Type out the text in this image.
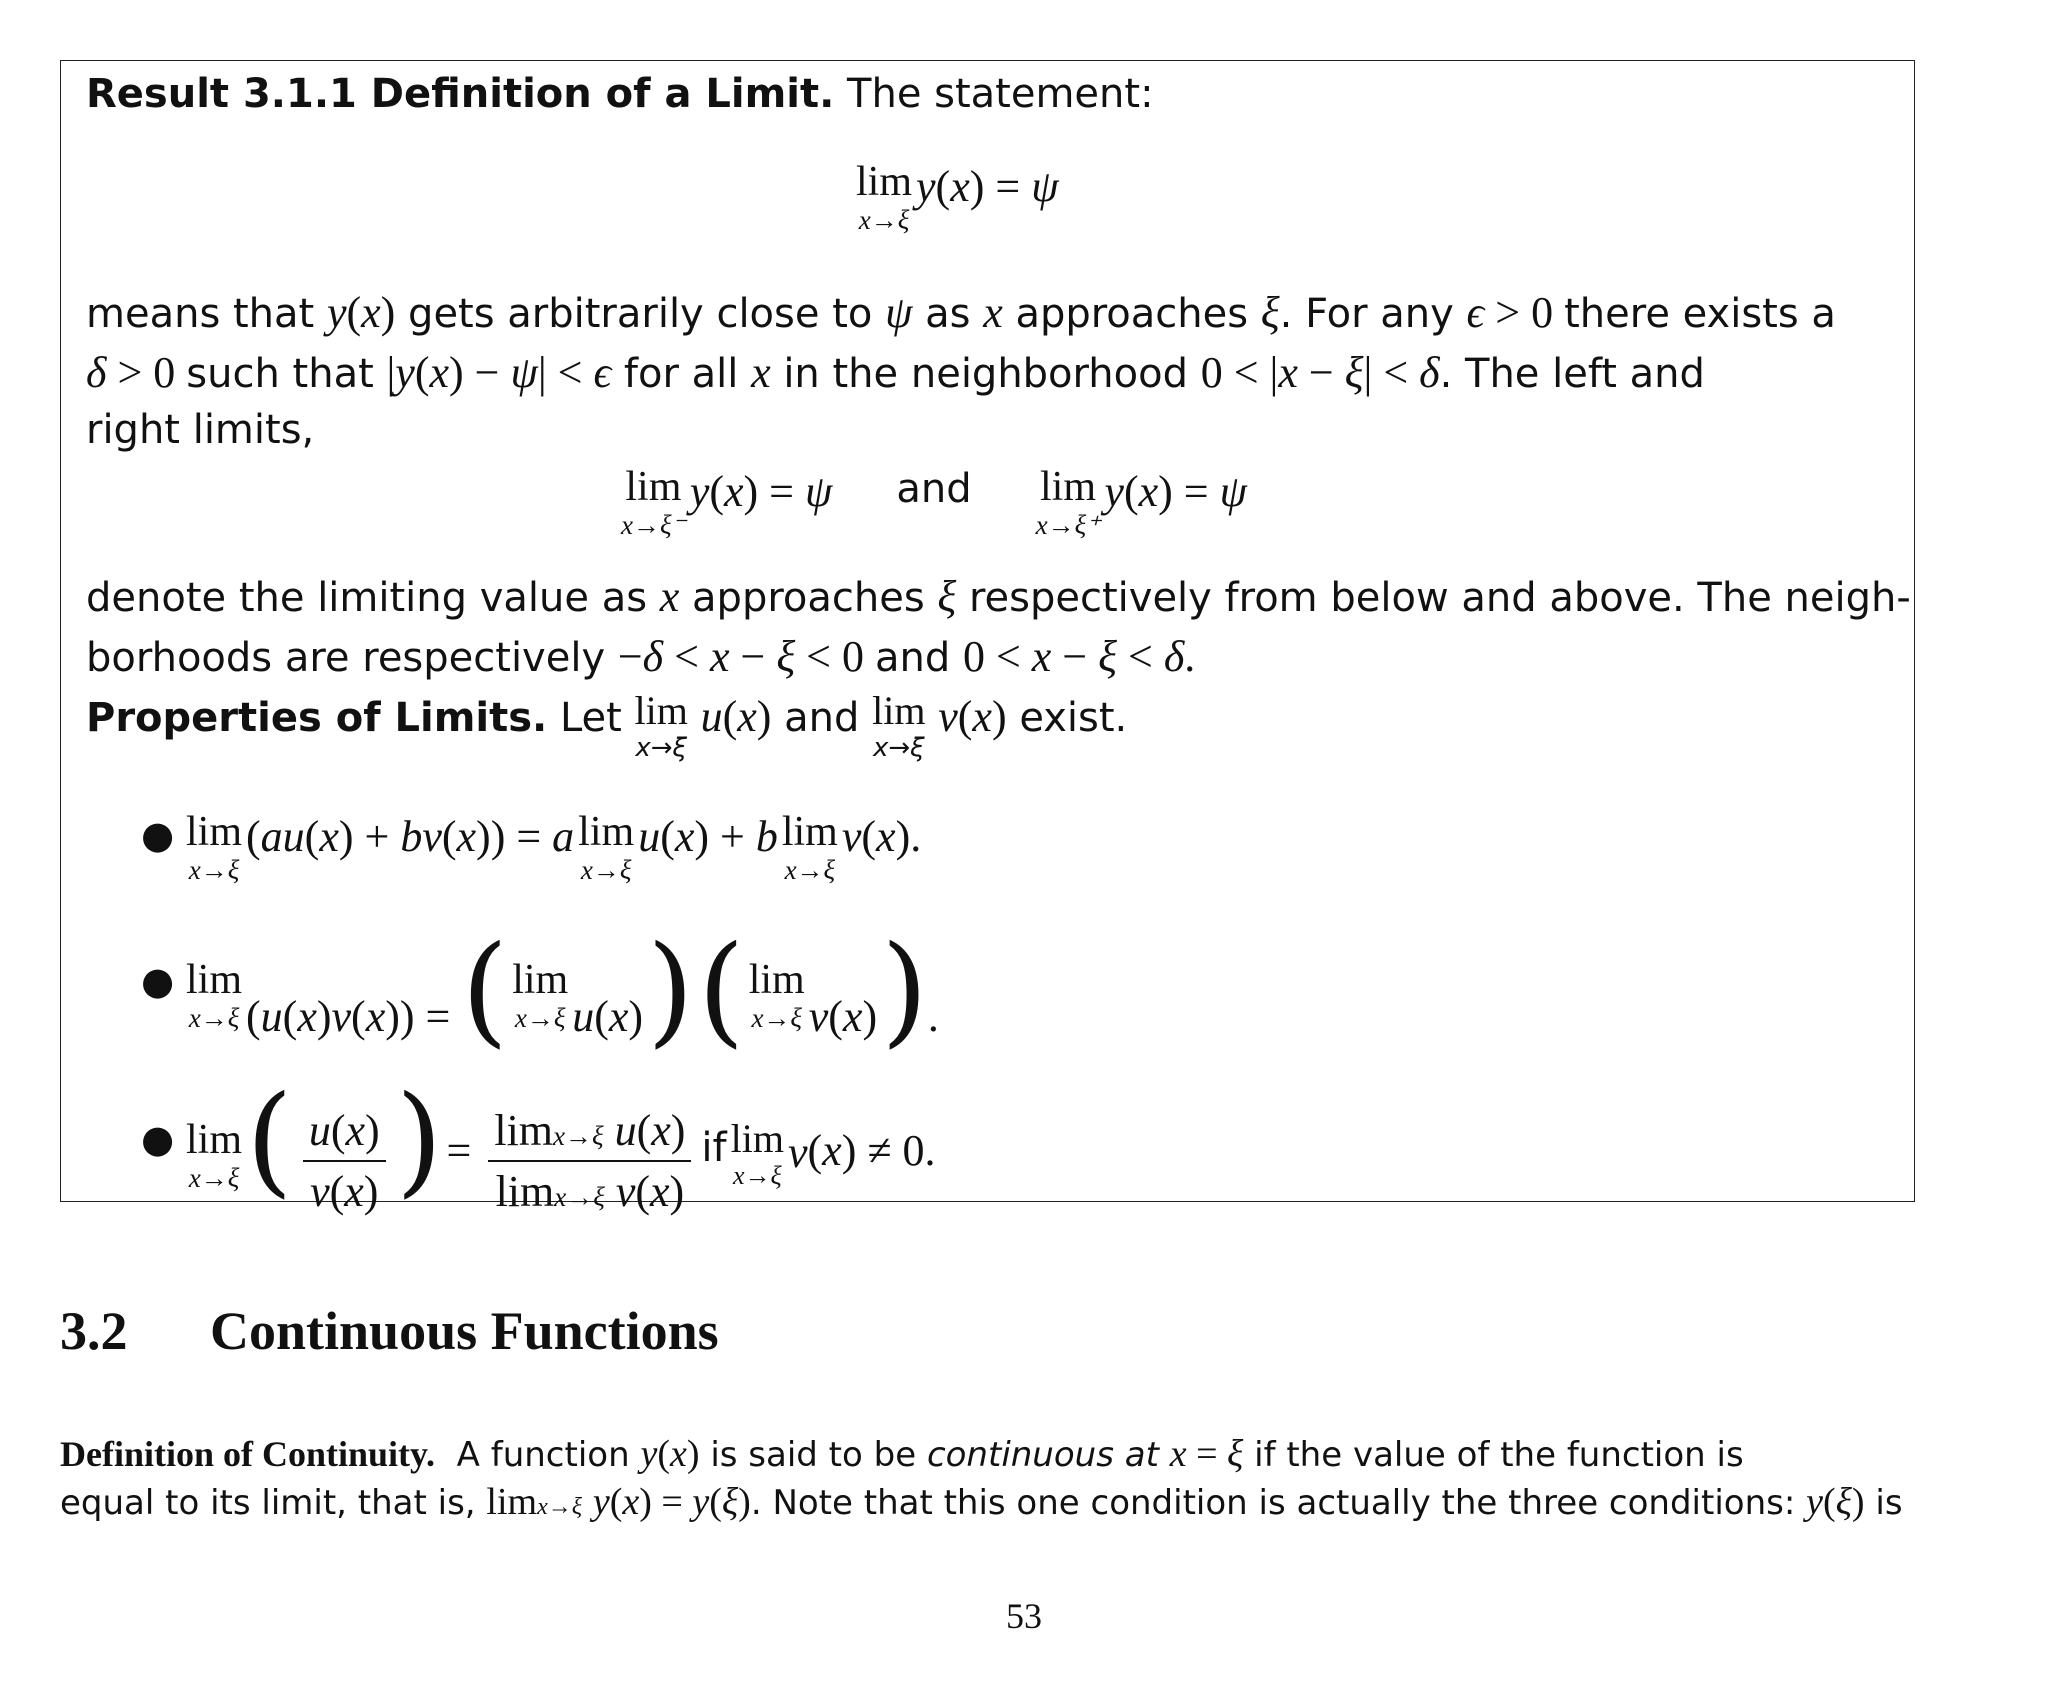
Result 3.1.1 Definition of a Limit. The statement:
lim
x→ξ
y(x) = ψ
means that y(x) gets arbitrarily close to ψ as x approaches ξ. For any ϵ > 0 there exists a
δ > 0 such that |y(x) − ψ| < ϵ for all x in the neighborhood 0 < |x − ξ| < δ. The left and
right limits,
lim
x→ξ⁻
y(x) = ψ and lim
x→ξ⁺
y(x) = ψ
denote the limiting value as x approaches ξ respectively from below and above. The neigh-
borhoods are respectively −δ < x − ξ < 0 and 0 < x − ξ < δ.
Properties of Limits. Let lim
x→ξ
u(x) and lim
x→ξ
v(x) exist.
● lim
x→ξ
(au(x) + bv(x)) = a lim
x→ξ
u(x) + b lim
x→ξ
v(x).
● lim
x→ξ (u(x)v(x)) = ( lim
x→ξ u(x) ) ( lim
x→ξ v(x) ).
● lim
x→ξ ( $\frac{u(x)}{v(x)}$ ) = $\frac{\text{limx→ξ u(x)}}{\text{limx→ξ v(x)}}$ if lim
x→ξ v(x) ≠ 0.
3.2 Continuous Functions
Definition of Continuity. A function y(x) is said to be continuous at x = ξ if the value of the function is
equal to its limit, that is, limx→ξ y(x) = y(ξ). Note that this one condition is actually the three conditions: y(ξ) is
53
